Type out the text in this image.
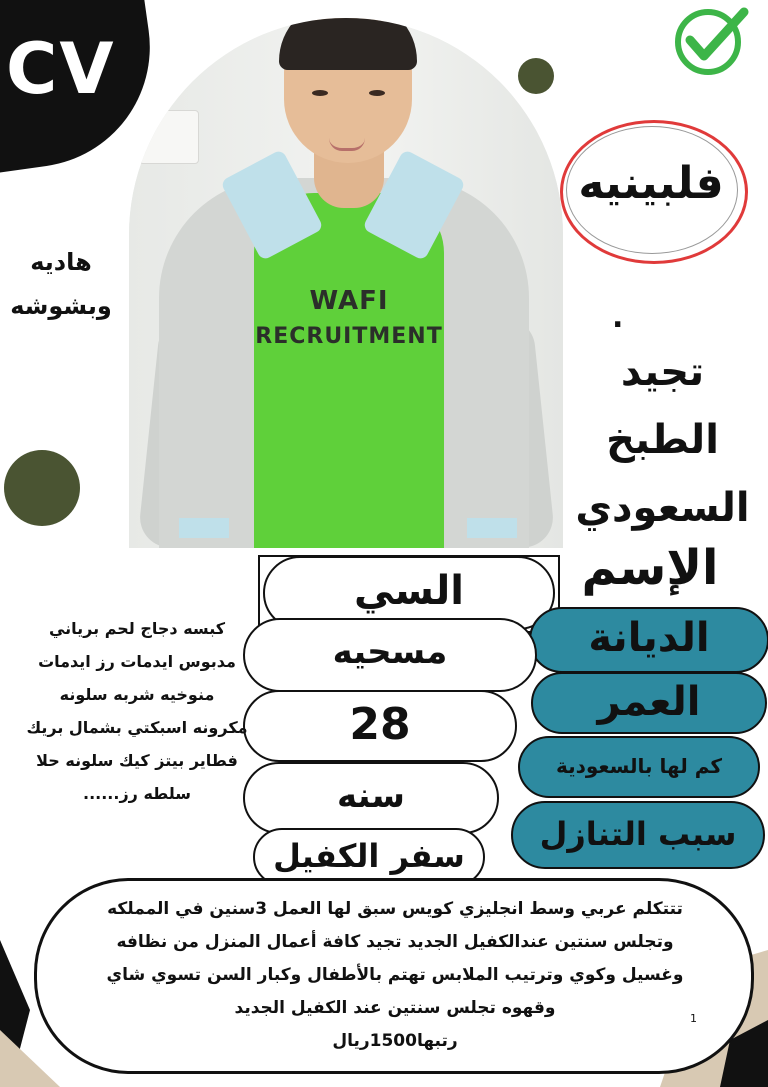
CV
WAFI
RECRUITMENT
فلبينيه
هاديه
وبشوشه	.
تجيد الطبخ
السعودي
الإسم
السي
الديانة
مسحيه
العمر
28
كم لها بالسعودية
سنه
سبب التنازل
سفر الكفيل
كبسه دجاج لحم برياني
مدبوس ايدمات رز ايدمات
منوخيه شربه سلونه
مكرونه اسبكتي بشمال بريك
فطاير بيتز كيك سلونه حلا
سلطه رز......
تتتكلم عربي وسط انجليزي كويس سبق لها العمل 3سنين في المملكه
وتجلس سنتين عندالكفيل الجديد تجيد كافة أعمال المنزل من نظافه
وغسيل وكوي وترتيب الملابس تهتم بالأطفال وكبار السن تسوي شاي
وقهوه تجلس سنتين عند الكفيل الجديد
رتبها1500ريال
1
